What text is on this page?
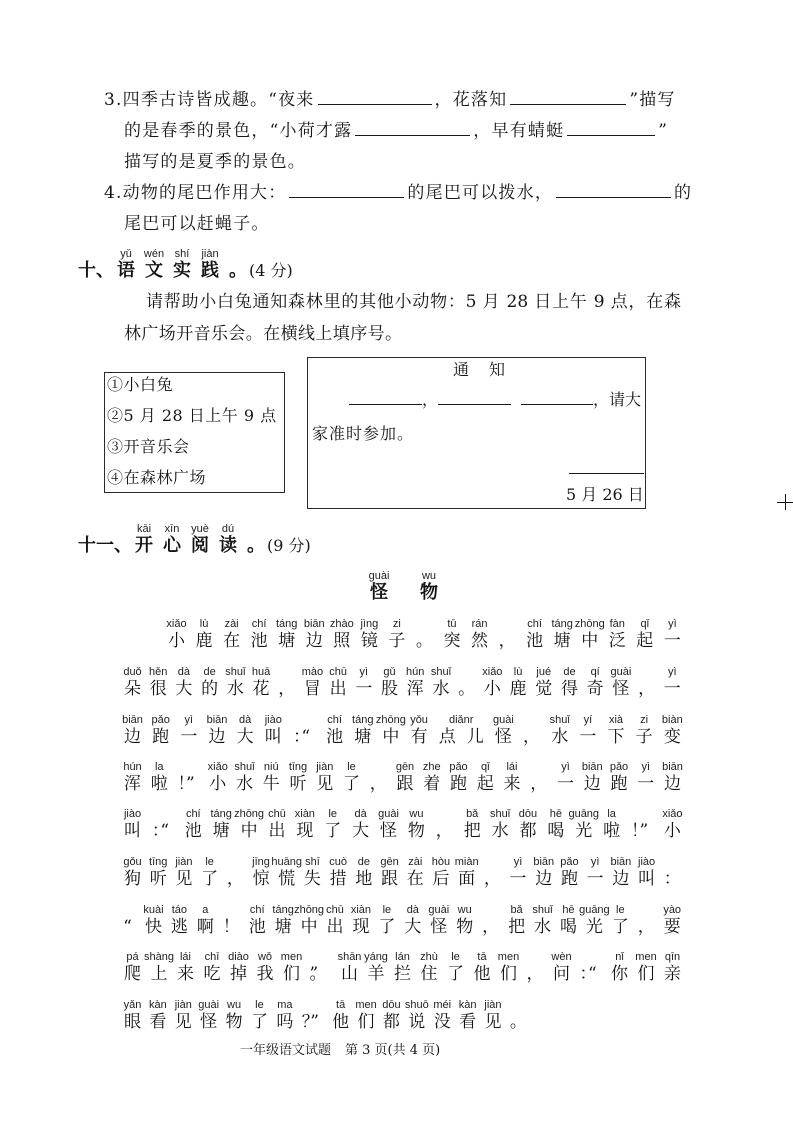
3.四季古诗皆成趣。“夜来	，花落知	”描写
的是春季的景色，“小荷才露	，早有蜻蜓	”
描写的是夏季的景色。
4.动物的尾巴作用大：	的尾巴可以拨水，	的
尾巴可以赶蝇子。
十、
yǔ
语
wén
文
shí
实
jiàn
践 。 (4 分)
请帮助小白兔通知森林里的其他小动物：5 月 28 日上午 9 点，在森
林广场开音乐会。在横线上填序号。
①小白兔
②5 月 28 日上午 9 点
③开音乐会
④在森林广场
通知
，	，请大
家准时参加。
5 月 26 日
十一、
kāi
开
xīn
心
yuè
阅
dú
读 。 (9 分)
guài
怪
wu
物
xiǎo
小
lù
鹿
zài
在
chí
池
táng
塘
biān
边
zhào
照
jìng
镜
zi
子 。
tū
突
rán
然 ，
chí
池
táng
塘
zhōng
中
fàn
泛
qǐ
起
yì
一
duǒ
朵
hěn
很
dà
大
de
的
shuǐ
水
huā
花 ，
mào
冒
chū
出
yì
一
gǔ
股
hún
浑
shuǐ
水 。
xiǎo
小
lù
鹿
jué
觉
de
得
qí
奇
guài
怪 ，
yì
一
biān
边
pǎo
跑
yì
一
biān
边
dà
大
jiào
叫 ：“
chí
池
táng
塘
zhōng
中
yǒu
有
diǎnr
点儿
guài
怪 ，
shuǐ
水
yí
一
xià
下
zi
子
biàn
变
hún
浑
la
啦 ！”
xiǎo
小
shuǐ
水
niú
牛
tīng
听
jiàn
见
le
了 ，
gēn
跟
zhe
着
pǎo
跑
qǐ
起
lái
来 ，
yì
一
biān
边
pǎo
跑
yì
一
biān
边
jiào
叫 ：“
chí
池
táng
塘
zhōng
中
chū
出
xiàn
现
le
了
dà
大
guài
怪
wu
物 ，
bǎ
把
shuǐ
水
dōu
都
hē
喝
guāng
光
la
啦 ！”
xiǎo
小
gǒu
狗
tīng
听
jiàn
见
le
了 ，
jīng
惊
huāng
慌
shī
失
cuò
措
de
地
gēn
跟
zài
在
hòu
后
miàn
面 ，
yì
一
biān
边
pǎo
跑
yì
一
biān
边
jiào
叫 ：
“
kuài
快
táo
逃
a
啊 ！
chí
池
táng
塘
zhōng
中
chū
出
xiàn
现
le
了
dà
大
guài
怪
wu
物 ，
bǎ
把
shuǐ
水
hē
喝
guāng
光
le
了 ，
yào
要
pá
爬
shàng
上
lái
来
chī
吃
diào
掉
wǒ
我
men
们 。”
shān
山
yáng
羊
lán
拦
zhù
住
le
了
tā
他
men
们 ，
wèn
问 ：“
nǐ
你
men
们
qīn
亲
yǎn
眼
kàn
看
jiàn
见
guài
怪
wu
物
le
了
ma
吗 ？”
tā
他
men
们
dōu
都
shuō
说
méi
没
kàn
看
jiàn
见 。
一年级语文试题 第 3 页(共 4 页)
